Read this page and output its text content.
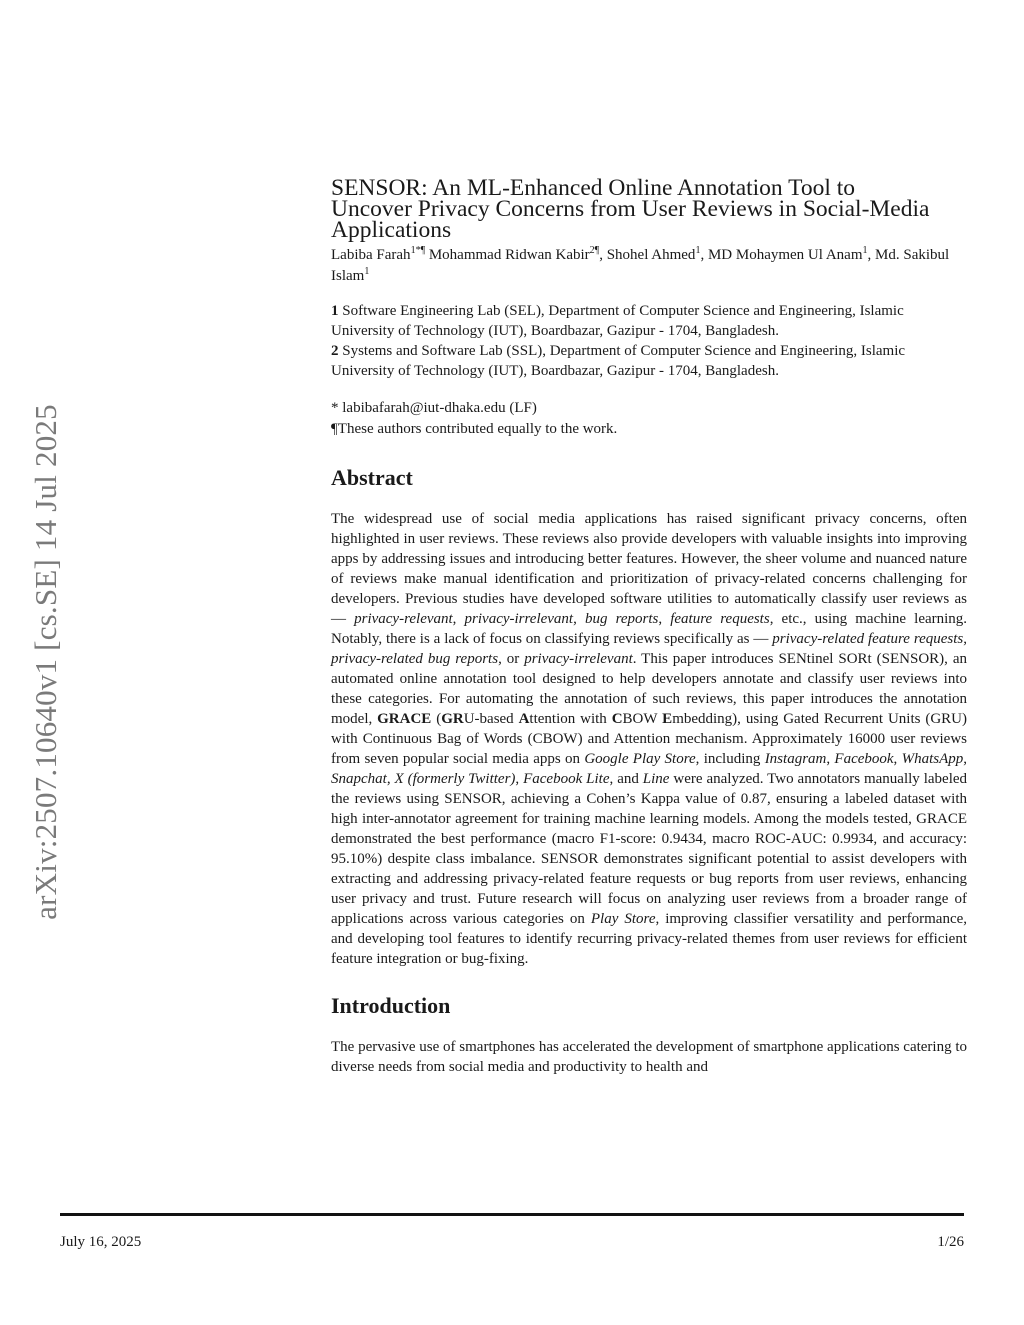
arXiv:2507.10640v1 [cs.SE] 14 Jul 2025
SENSOR: An ML-Enhanced Online Annotation Tool to
Uncover Privacy Concerns from User Reviews in Social-Media
Applications
Labiba Farah$^{1*\P}$ Mohammad Ridwan Kabir$^{2\P}$, Shohel Ahmed$^1$, MD Mohaymen Ul Anam$^1$, Md. Sakibul Islam$^1$
1 Software Engineering Lab (SEL), Department of Computer Science and Engineering, Islamic University of Technology (IUT), Boardbazar, Gazipur - 1704, Bangladesh.
2 Systems and Software Lab (SSL), Department of Computer Science and Engineering, Islamic University of Technology (IUT), Boardbazar, Gazipur - 1704, Bangladesh.
* labibafarah@iut-dhaka.edu (LF)
¶These authors contributed equally to the work.
Abstract

The widespread use of social media applications has raised significant privacy concerns, often highlighted in user reviews. These reviews also provide developers with valuable insights into improving apps by addressing issues and introducing better features. However, the sheer volume and nuanced nature of reviews make manual identification and prioritization of privacy-related concerns challenging for developers. Previous studies have developed software utilities to automatically classify user reviews as — privacy-relevant, privacy-irrelevant, bug reports, feature requests, etc., using machine learning. Notably, there is a lack of focus on classifying reviews specifically as — privacy-related feature requests, privacy-related bug reports, or privacy-irrelevant. This paper introduces SENtinel SORt (SENSOR), an automated online annotation tool designed to help developers annotate and classify user reviews into these categories. For automating the annotation of such reviews, this paper introduces the annotation model, GRACE (GRU-based Attention with CBOW Embedding), using Gated Recurrent Units (GRU) with Continuous Bag of Words (CBOW) and Attention mechanism. Approximately 16000 user reviews from seven popular social media apps on Google Play Store, including Instagram, Facebook, WhatsApp, Snapchat, X (formerly Twitter), Facebook Lite, and Line were analyzed. Two annotators manually labeled the reviews using SENSOR, achieving a Cohen’s Kappa value of 0.87, ensuring a labeled dataset with high inter-annotator agreement for training machine learning models. Among the models tested, GRACE demonstrated the best performance (macro F1-score: 0.9434, macro ROC-AUC: 0.9934, and accuracy: 95.10%) despite class imbalance. SENSOR demonstrates significant potential to assist developers with extracting and addressing privacy-related feature requests or bug reports from user reviews, enhancing user privacy and trust. Future research will focus on analyzing user reviews from a broader range of applications across various categories on Play Store, improving classifier versatility and performance, and developing tool features to identify recurring privacy-related themes from user reviews for efficient feature integration or bug-fixing.

Introduction

The pervasive use of smartphones has accelerated the development of smartphone applications catering to diverse needs from social media and productivity to health and

July 16, 2025	1/26
